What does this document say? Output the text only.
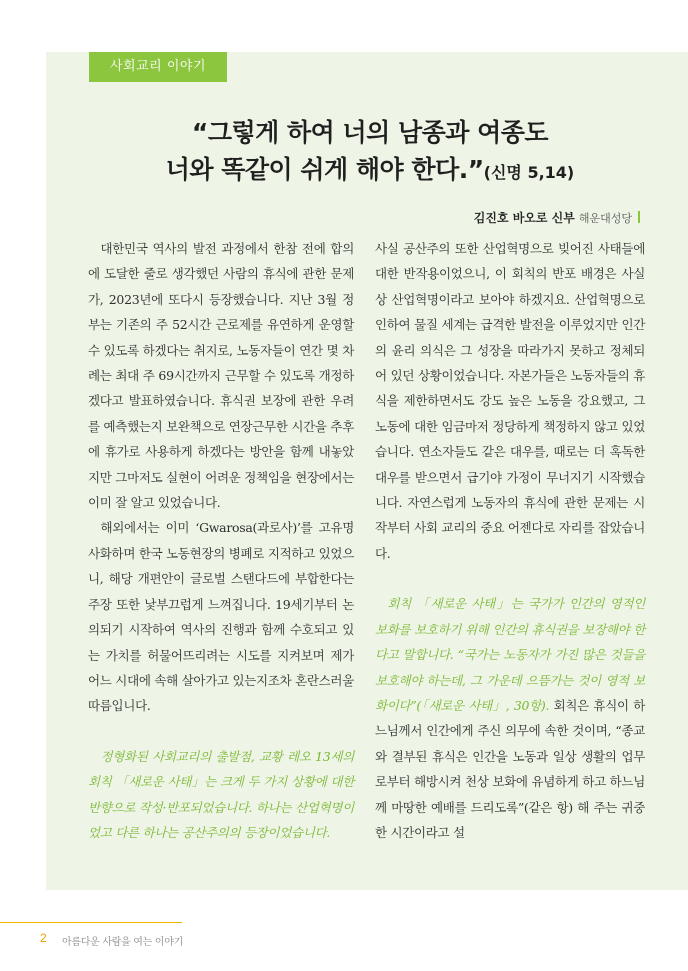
사회교리 이야기
“그렇게 하여 너의 남종과 여종도
너와 똑같이 쉬게 해야 한다.”(신명 5,14)
김진호 바오로 신부 해운대성당

대한민국 역사의 발전 과정에서 한참 전에 합의에 도달한 줄로 생각했던 사람의 휴식에 관한 문제가, 2023년에 또다시 등장했습니다. 지난 3월 정부는 기존의 주 52시간 근로제를 유연하게 운영할 수 있도록 하겠다는 취지로, 노동자들이 연간 몇 차례는 최대 주 69시간까지 근무할 수 있도록 개정하겠다고 발표하였습니다. 휴식권 보장에 관한 우려를 예측했는지 보완책으로 연장근무한 시간을 추후에 휴가로 사용하게 하겠다는 방안을 함께 내놓았지만 그마저도 실현이 어려운 정책임을 현장에서는 이미 잘 알고 있었습니다.

해외에서는 이미 ‘Gwarosa(과로사)’를 고유명사화하며 한국 노동현장의 병폐로 지적하고 있었으니, 해당 개편안이 글로벌 스탠다드에 부합한다는 주장 또한 낯부끄럽게 느껴집니다. 19세기부터 논의되기 시작하여 역사의 진행과 함께 수호되고 있는 가치를 허물어뜨리려는 시도를 지켜보며 제가 어느 시대에 속해 살아가고 있는지조차 혼란스러울 따름입니다.

정형화된 사회교리의 출발점, 교황 레오 13세의 회칙 「새로운 사태」는 크게 두 가지 상황에 대한 반향으로 작성·반포되었습니다. 하나는 산업혁명이었고 다른 하나는 공산주의의 등장이었습니다.

사실 공산주의 또한 산업혁명으로 빚어진 사태들에 대한 반작용이었으니, 이 회칙의 반포 배경은 사실상 산업혁명이라고 보아야 하겠지요. 산업혁명으로 인하여 물질 세계는 급격한 발전을 이루었지만 인간의 윤리 의식은 그 성장을 따라가지 못하고 정체되어 있던 상황이었습니다. 자본가들은 노동자들의 휴식을 제한하면서도 강도 높은 노동을 강요했고, 그 노동에 대한 임금마저 정당하게 책정하지 않고 있었습니다. 연소자들도 같은 대우를, 때로는 더 혹독한 대우를 받으면서 급기야 가정이 무너지기 시작했습니다. 자연스럽게 노동자의 휴식에 관한 문제는 시작부터 사회 교리의 중요 어젠다로 자리를 잡았습니다.

회칙 「새로운 사태」는 국가가 인간의 영적인 보화를 보호하기 위해 인간의 휴식권을 보장해야 한다고 말합니다. “국가는 노동자가 가진 많은 것들을 보호해야 하는데, 그 가운데 으뜸가는 것이 영적 보화이다”(「새로운 사태」, 30항). 회칙은 휴식이 하느님께서 인간에게 주신 의무에 속한 것이며, “종교와 결부된 휴식은 인간을 노동과 일상 생활의 업무로부터 해방시켜 천상 보화에 유념하게 하고 하느님께 마땅한 예배를 드리도록”(같은 항) 해 주는 귀중한 시간이라고 설

2 아름다운 사람을 여는 이야기
